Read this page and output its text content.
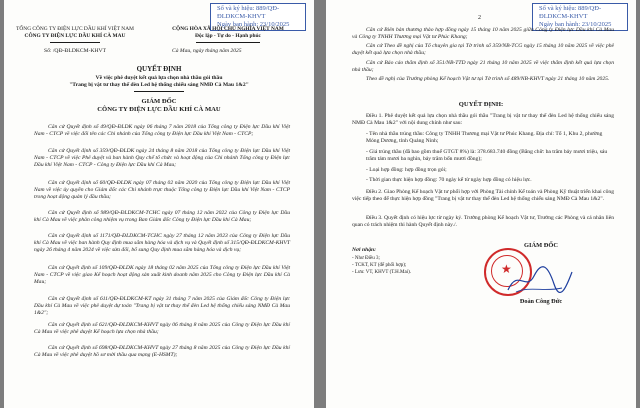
Số và ký hiệu: 889/QĐ-ĐLDKCM-KHVT
Ngày ban hành: 23/10/2025
TỔNG CÔNG TY ĐIỆN LỰC DẦU KHÍ VIỆT NAM
CÔNG TY ĐIỆN LỰC DẦU KHÍ CÀ MAU
CỘNG HÒA XÃ HỘI CHỦ NGHĨA VIỆT NAM
Độc lập - Tự do - Hạnh phúc
Số: /QĐ-ĐLDKCM-KHVT	Cà Mau, ngày tháng năm 2025
QUYẾT ĐỊNH
Về việc phê duyệt kết quả lựa chọn nhà thầu gói thầu
"Trang bị vật tư thay thế đèn Led hệ thống chiếu sáng NMĐ Cà Mau 1&2"
GIÁM ĐỐC
CÔNG TY ĐIỆN LỰC DẦU KHÍ CÀ MAU
Căn cứ Quyết định số 49/QĐ-ĐLDK ngày 06 tháng 7 năm 2018 của Tổng công ty Điện lực Dầu khí Việt Nam - CTCP về việc đổi tên các Chi nhánh của Tổng công ty Điện lực Dầu khí Việt Nam - CTCP;
Căn cứ Quyết định số 359/QĐ-ĐLDK ngày 24 tháng 8 năm 2018 của Tổng công ty Điện lực Dầu khí Việt Nam - CTCP về việc Phê duyệt và ban hành Quy chế tổ chức và hoạt động của Chi nhánh Tổng công ty Điện lực Dầu khí Việt Nam - CTCP - Công ty Điện lực Dầu khí Cà Mau;
Căn cứ Quyết định số 60/QĐ-ĐLDK ngày 07 tháng 02 năm 2020 của Tổng công ty Điện lực Dầu khí Việt Nam về việc ủy quyền cho Giám đốc các Chi nhánh trực thuộc Tổng công ty Điện lực Dầu khí Việt Nam - CTCP trong hoạt động quản lý đầu thầu;
Căn cứ Quyết định số 989/QĐ-ĐLDKCM-TCHC ngày 07 tháng 12 năm 2022 của Công ty Điện lực Dầu khí Cà Mau về việc phân công nhiệm vụ trong Ban Giám đốc Công ty Điện lực Dầu khí Cà Mau;
Căn cứ Quyết định số 1171/QĐ-ĐLDKCM-TCHC ngày 27 tháng 12 năm 2023 của Công ty Điện lực Dầu khí Cà Mau về việc ban hành Quy định mua sắm hàng hóa và dịch vụ và Quyết định số 315/QĐ-ĐLDKCM-KHVT ngày 26 tháng 4 năm 2024 về việc sửa đổi, bổ sung Quy định mua sắm hàng hóa và dịch vụ;
Căn cứ Quyết định số 109/QĐ-ĐLDK ngày 18 tháng 02 năm 2025 của Tổng công ty Điện lực Dầu khí Việt Nam - CTCP về việc giao Kế hoạch hoạt động sản xuất kinh doanh năm 2025 cho Công ty Điện lực Dầu khí Cà Mau;
Căn cứ Quyết định số 611/QĐ-ĐLDKCM-KT ngày 31 tháng 7 năm 2025 của Giám đốc Công ty Điện lực Dầu khí Cà Mau về việc phê duyệt dự toán "Trang bị vật tư thay thế đèn Led hệ thống chiếu sáng NMĐ Cà Mau 1&2";
Căn cứ Quyết định số 621/QĐ-ĐLDKCM-KHVT ngày 06 tháng 8 năm 2025 của Công ty Điện lực Dầu khí Cà Mau về việc phê duyệt Kế hoạch lựa chọn nhà thầu;
Căn cứ Quyết định số 698/QĐ-ĐLDKCM-KHVT ngày 27 tháng 8 năm 2025 của Công ty Điện lực Dầu khí Cà Mau về việc phê duyệt hồ sơ mời thầu qua mạng (E-HSMT);
Số và ký hiệu: 889/QĐ-ĐLDKCM-KHVT
Ngày ban hành: 23/10/2025
2
Căn cứ Biên bản thương thảo hợp đồng ngày 15 tháng 10 năm 2025 giữa Công ty Điện lực Dầu khí Cà Mau và Công ty TNHH Thương mại Vật tư Phúc Khang;
Căn cứ Theo đề nghị của Tổ chuyên gia tại Tờ trình số 359/NB-TCG ngày 15 tháng 10 năm 2025 về việc phê duyệt kết quả lựa chọn nhà thầu;
Căn cứ Báo cáo thẩm định số 351/NB-TTD ngày 21 tháng 10 năm 2025 về việc thẩm định kết quả lựa chọn nhà thầu;
Theo đề nghị của Trưởng phòng Kế hoạch Vật tư tại Tờ trình số 489/NB-KHVT ngày 21 tháng 10 năm 2025.
QUYẾT ĐỊNH:
Điều 1. Phê duyệt kết quả lựa chọn nhà thầu gói thầu "Trang bị vật tư thay thế đèn Led hệ thống chiếu sáng NMĐ Cà Mau 1&2" với nội dung chính như sau:
- Tên nhà thầu trúng thầu: Công ty TNHH Thương mại Vật tư Phúc Khang. Địa chỉ: Tổ 1, Khu 2, phường Móng Dương, tỉnh Quảng Ninh;
- Giá trúng thầu (đã bao gồm thuế GTGT 8%) là: 378.683.740 đồng (Bằng chữ: ba trăm bảy mươi triệu, sáu trăm tám mươi ba nghìn, bảy trăm bốn mươi đồng);
- Loại hợp đồng: hợp đồng trọn gói;
- Thời gian thực hiện hợp đồng: 70 ngày kể từ ngày hợp đồng có hiệu lực.
Điều 2. Giao Phòng Kế hoạch Vật tư phối hợp với Phòng Tài chính Kế toán và Phòng Kỹ thuật triển khai công việc tiếp theo để thực hiện hợp đồng "Trang bị vật tư thay thế đèn Led hệ thống chiếu sáng NMĐ Cà Mau 1&2".
Điều 3. Quyết định có hiệu lực từ ngày ký. Trưởng phòng Kế hoạch Vật tư, Trưởng các Phòng và cá nhân liên quan có trách nhiệm thi hành Quyết định này./.
Nơi nhận:
- Như Điều 3;
- TCKT, KT (để phối hợp);
- Lưu: VT, KHVT (T.H.Mai).
GIÁM ĐỐC
★
Đoàn Công Đức
